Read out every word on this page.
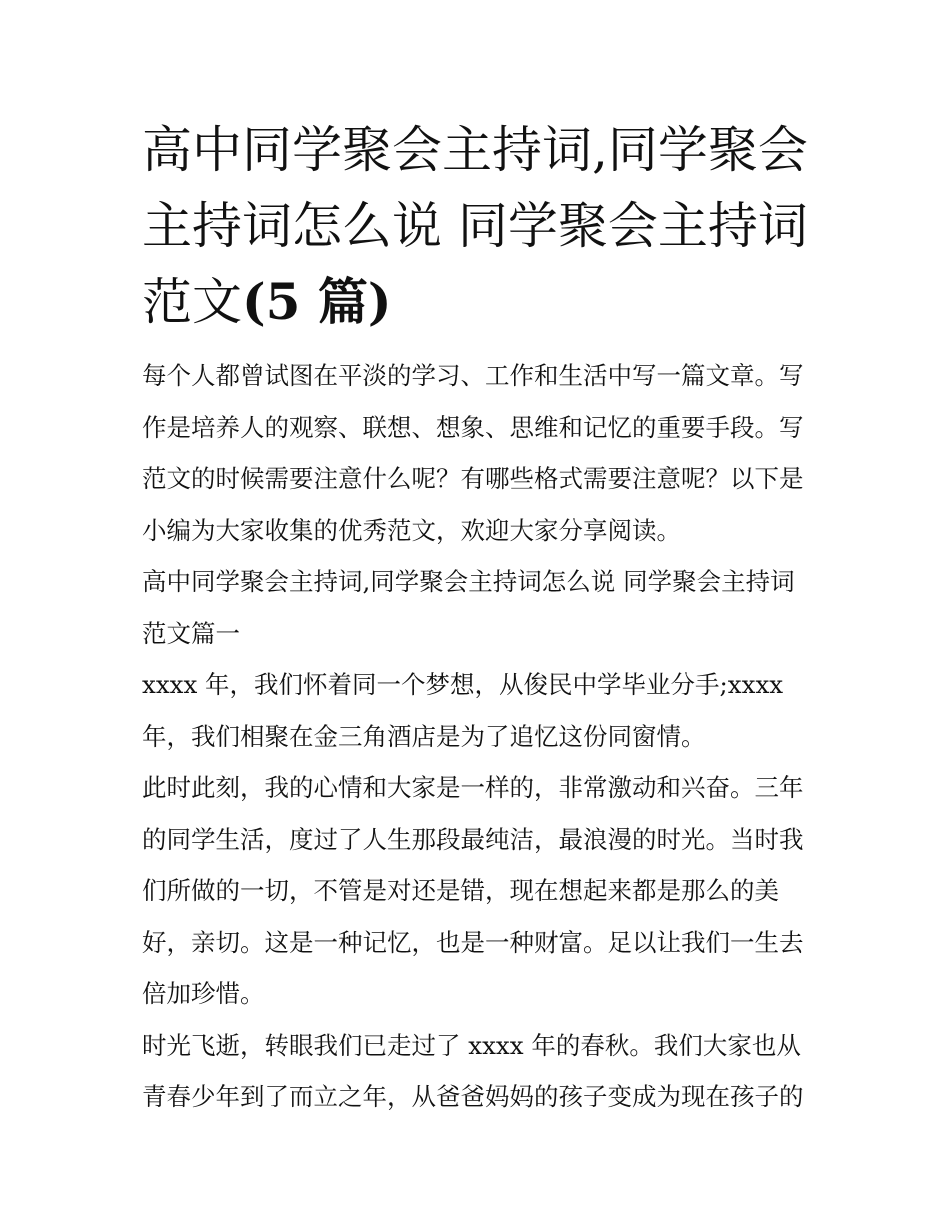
高中同学聚会主持词,同学聚会主持词怎么说 同学聚会主持词范文(5 篇)

每个人都曾试图在平淡的学习、工作和生活中写一篇文章。写作是培养人的观察、联想、想象、思维和记忆的重要手段。写范文的时候需要注意什么呢？有哪些格式需要注意呢？以下是小编为大家收集的优秀范文，欢迎大家分享阅读。

高中同学聚会主持词,同学聚会主持词怎么说 同学聚会主持词范文篇一

xxxx 年，我们怀着同一个梦想，从俊民中学毕业分手;xxxx 年，我们相聚在金三角酒店是为了追忆这份同窗情。

此时此刻，我的心情和大家是一样的，非常激动和兴奋。三年的同学生活，度过了人生那段最纯洁，最浪漫的时光。当时我们所做的一切，不管是对还是错，现在想起来都是那么的美好，亲切。这是一种记忆，也是一种财富。足以让我们一生去倍加珍惜。

时光飞逝，转眼我们已走过了 xxxx 年的春秋。我们大家也从青春少年到了而立之年，从爸爸妈妈的孩子变成为现在孩子的
